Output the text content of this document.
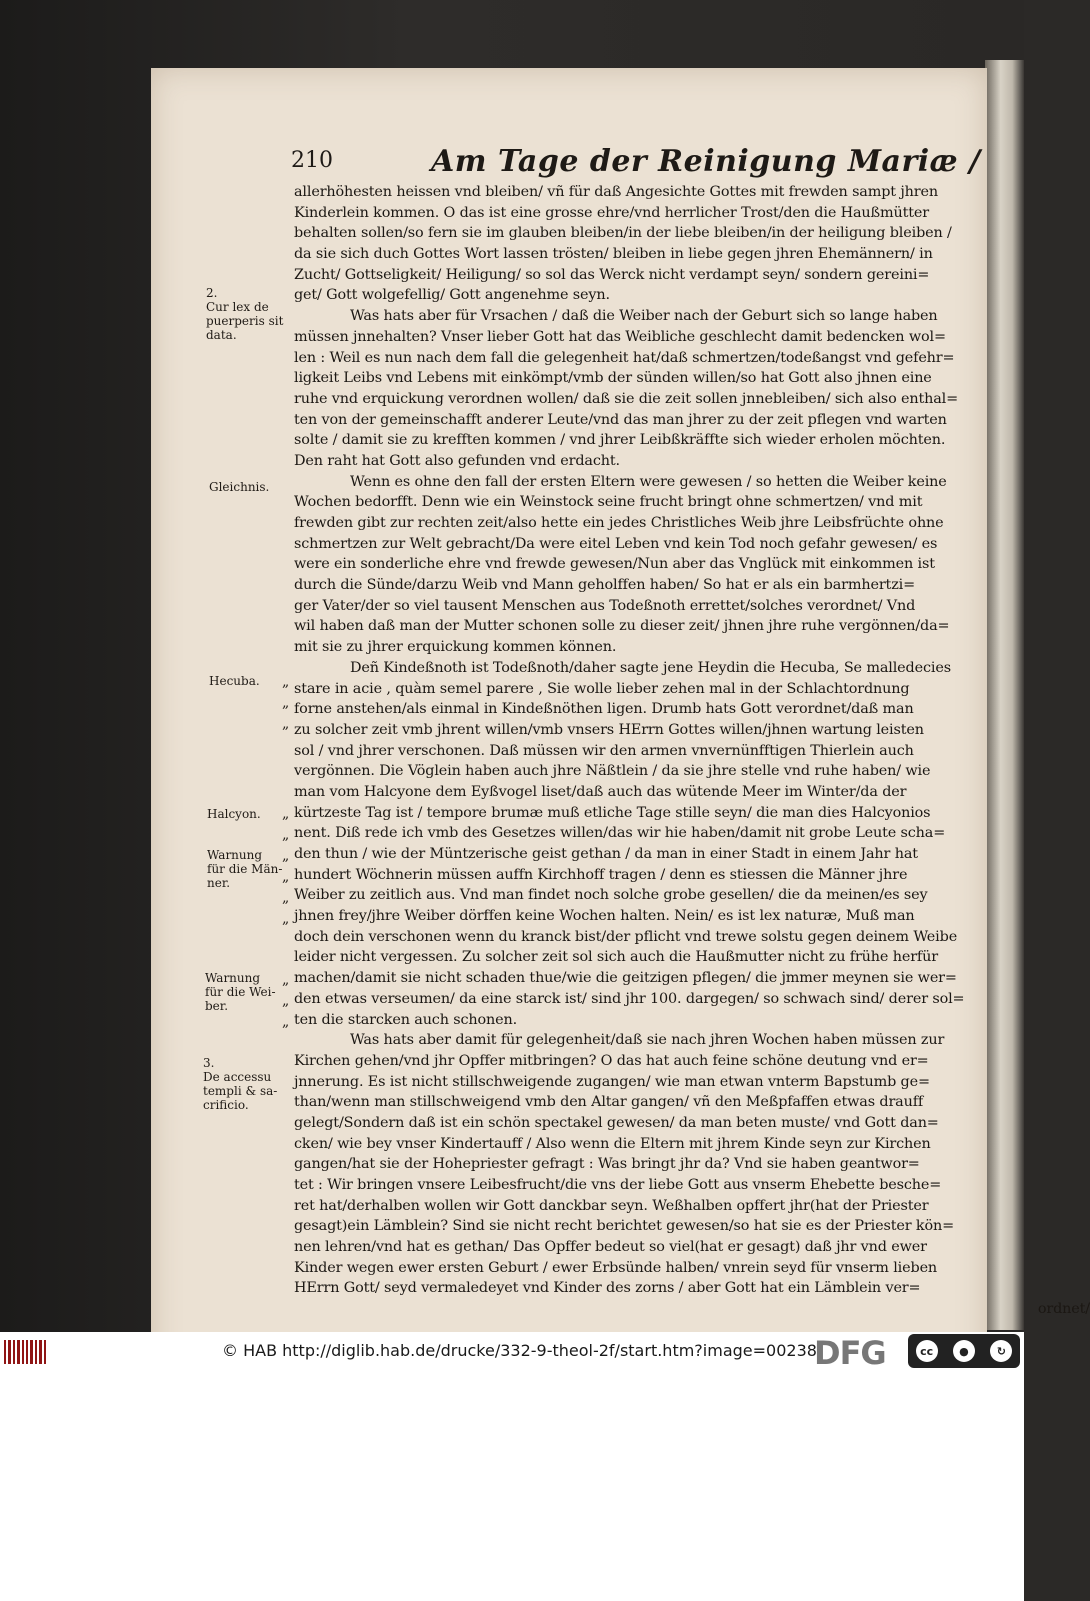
210	Am Tage der Reinigung Mariæ /
allerhöhesten heissen vnd bleiben/ vñ für daß Angesichte Gottes mit frewden sampt jhren
Kinderlein kommen. O das ist eine grosse ehre/vnd herrlicher Trost/den die Haußmütter
behalten sollen/so fern sie im glauben bleiben/in der liebe bleiben/in der heiligung bleiben /
da sie sich duch Gottes Wort lassen trösten/ bleiben in liebe gegen jhren Ehemännern/ in
Zucht/ Gottseligkeit/ Heiligung/ so sol das Werck nicht verdampt seyn/ sondern gereini=
get/ Gott wolgefellig/ Gott angenehme seyn.
Was hats aber für Vrsachen / daß die Weiber nach der Geburt sich so lange haben
müssen jnnehalten? Vnser lieber Gott hat das Weibliche geschlecht damit bedencken wol=
len : Weil es nun nach dem fall die gelegenheit hat/daß schmertzen/todeßangst vnd gefehr=
ligkeit Leibs vnd Lebens mit einkömpt/vmb der sünden willen/so hat Gott also jhnen eine
ruhe vnd erquickung verordnen wollen/ daß sie die zeit sollen jnnebleiben/ sich also enthal=
ten von der gemeinschafft anderer Leute/vnd das man jhrer zu der zeit pflegen vnd warten
solte / damit sie zu krefften kommen / vnd jhrer Leibßkräffte sich wieder erholen möchten.
Den raht hat Gott also gefunden vnd erdacht.
Wenn es ohne den fall der ersten Eltern were gewesen / so hetten die Weiber keine
Wochen bedorfft. Denn wie ein Weinstock seine frucht bringt ohne schmertzen/ vnd mit
frewden gibt zur rechten zeit/also hette ein jedes Christliches Weib jhre Leibsfrüchte ohne
schmertzen zur Welt gebracht/Da were eitel Leben vnd kein Tod noch gefahr gewesen/ es
were ein sonderliche ehre vnd frewde gewesen/Nun aber das Vnglück mit einkommen ist
durch die Sünde/darzu Weib vnd Mann geholffen haben/ So hat er als ein barmhertzi=
ger Vater/der so viel tausent Menschen aus Todeßnoth errettet/solches verordnet/ Vnd
wil haben daß man der Mutter schonen solle zu dieser zeit/ jhnen jhre ruhe vergönnen/da=
mit sie zu jhrer erquickung kommen können.
Deñ Kindeßnoth ist Todeßnoth/daher sagte jene Heydin die Hecuba, Se malledecies
stare in acie , quàm semel parere , Sie wolle lieber zehen mal in der Schlachtordnung
forne anstehen/als einmal in Kindeßnöthen ligen. Drumb hats Gott verordnet/daß man
zu solcher zeit vmb jhrent willen/vmb vnsers HErrn Gottes willen/jhnen wartung leisten
sol / vnd jhrer verschonen. Daß müssen wir den armen vnvernünfftigen Thierlein auch
vergönnen. Die Vöglein haben auch jhre Näßtlein / da sie jhre stelle vnd ruhe haben/ wie
man vom Halcyone dem Eyßvogel liset/daß auch das wütende Meer im Winter/da der
kürtzeste Tag ist / tempore brumæ muß etliche Tage stille seyn/ die man dies Halcyonios
nent. Diß rede ich vmb des Gesetzes willen/das wir hie haben/damit nit grobe Leute scha=
den thun / wie der Müntzerische geist gethan / da man in einer Stadt in einem Jahr hat
hundert Wöchnerin müssen auffn Kirchhoff tragen / denn es stiessen die Männer jhre
Weiber zu zeitlich aus. Vnd man findet noch solche grobe gesellen/ die da meinen/es sey
jhnen frey/jhre Weiber dörffen keine Wochen halten. Nein/ es ist lex naturæ, Muß man
doch dein verschonen wenn du kranck bist/der pflicht vnd trewe solstu gegen deinem Weibe
leider nicht vergessen. Zu solcher zeit sol sich auch die Haußmutter nicht zu frühe herfür
machen/damit sie nicht schaden thue/wie die geitzigen pflegen/ die jmmer meynen sie wer=
den etwas verseumen/ da eine starck ist/ sind jhr 100. dargegen/ so schwach sind/ derer sol=
ten die starcken auch schonen.
Was hats aber damit für gelegenheit/daß sie nach jhren Wochen haben müssen zur
Kirchen gehen/vnd jhr Opffer mitbringen? O das hat auch feine schöne deutung vnd er=
jnnerung. Es ist nicht stillschweigende zugangen/ wie man etwan vnterm Bapstumb ge=
than/wenn man stillschweigend vmb den Altar gangen/ vñ den Meßpfaffen etwas drauff
gelegt/Sondern daß ist ein schön spectakel gewesen/ da man beten muste/ vnd Gott dan=
cken/ wie bey vnser Kindertauff / Also wenn die Eltern mit jhrem Kinde seyn zur Kirchen
gangen/hat sie der Hohepriester gefragt : Was bringt jhr da? Vnd sie haben geantwor=
tet : Wir bringen vnsere Leibesfrucht/die vns der liebe Gott aus vnserm Ehebette besche=
ret hat/derhalben wollen wir Gott danckbar seyn. Weßhalben opffert jhr(hat der Priester
gesagt)ein Lämblein? Sind sie nicht recht berichtet gewesen/so hat sie es der Priester kön=
nen lehren/vnd hat es gethan/ Das Opffer bedeut so viel(hat er gesagt) daß jhr vnd ewer
Kinder wegen ewer ersten Geburt / ewer Erbsünde halben/ vnrein seyd für vnserm lieben
HErrn Gott/ seyd vermaledeyet vnd Kinder des zorns / aber Gott hat ein Lämblein ver=
ordnet/
2.
Cur lex de
puerperis sit
data.
Gleichnis.
Hecuba.
Halcyon.
Warnung
für die Män-
ner.
Warnung
für die Wei-
ber.
3.
De accessu
templi & sa-
crificio.
„
„
„
„
„
„
„
„
„
„
„
„
© HAB http://diglib.hab.de/drucke/332-9-theol-2f/start.htm?image=00238
DFG	cc	●	↻
